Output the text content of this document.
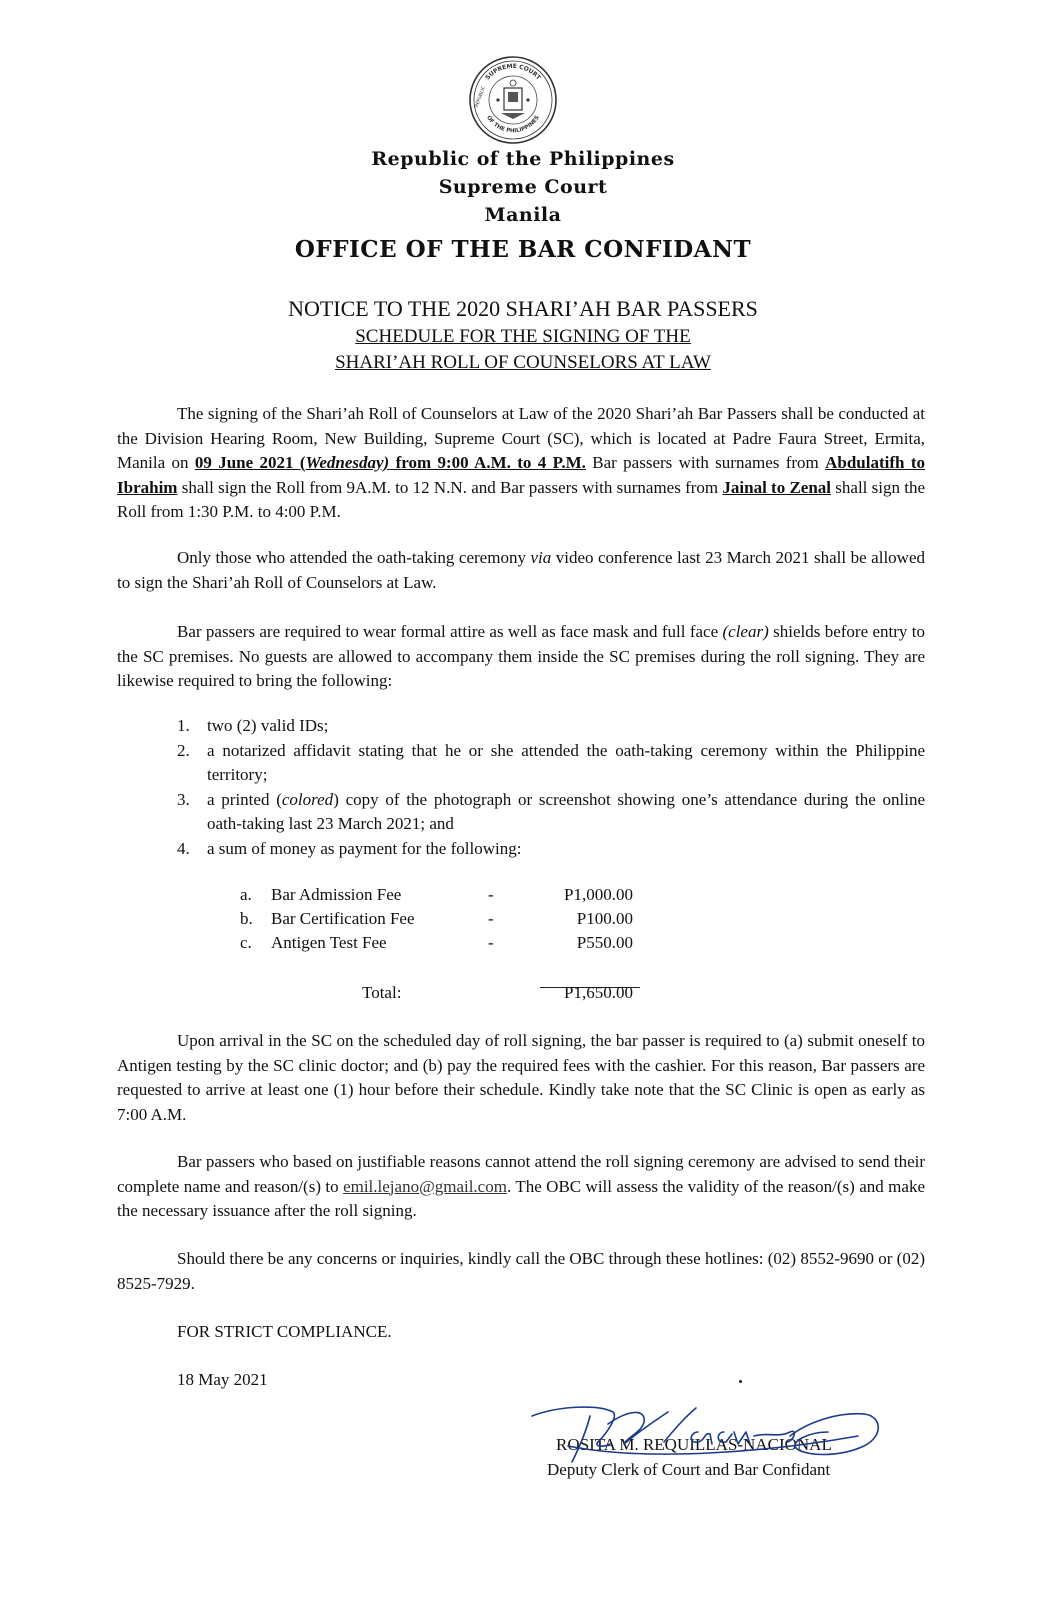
SUPREME COURT
OF THE PHILIPPINES
REPUBLIC
Republic of the Philippines
Supreme Court
Manila
OFFICE OF THE BAR CONFIDANT
NOTICE TO THE 2020 SHARI’AH BAR PASSERS
SCHEDULE FOR THE SIGNING OF THE
SHARI’AH ROLL OF COUNSELORS AT LAW

The signing of the Shari’ah Roll of Counselors at Law of the 2020 Shari’ah Bar Passers shall be conducted at the Division Hearing Room, New Building, Supreme Court (SC), which is located at Padre Faura Street, Ermita, Manila on 09 June 2021 (Wednesday) from 9:00 A.M. to 4 P.M. Bar passers with surnames from Abdulatifh to Ibrahim shall sign the Roll from 9A.M. to 12 N.N. and Bar passers with surnames from Jainal to Zenal shall sign the Roll from 1:30 P.M. to 4:00 P.M.

Only those who attended the oath-taking ceremony via video conference last 23 March 2021 shall be allowed to sign the Shari’ah Roll of Counselors at Law.

Bar passers are required to wear formal attire as well as face mask and full face (clear) shields before entry to the SC premises. No guests are allowed to accompany them inside the SC premises during the roll signing. They are likewise required to bring the following:

1. two (2) valid IDs;
2. a notarized affidavit stating that he or she attended the oath-taking ceremony within the Philippine territory;
3. a printed (colored) copy of the photograph or screenshot showing one’s attendance during the online oath-taking last 23 March 2021; and
4. a sum of money as payment for the following:
a. Bar Admission Fee	-	P1,000.00
b. Bar Certification Fee	-	P100.00
c. Antigen Test Fee	-	P550.00
Total:	P1,650.00

Upon arrival in the SC on the scheduled day of roll signing, the bar passer is required to (a) submit oneself to Antigen testing by the SC clinic doctor; and (b) pay the required fees with the cashier. For this reason, Bar passers are requested to arrive at least one (1) hour before their schedule. Kindly take note that the SC Clinic is open as early as 7:00 A.M.

Bar passers who based on justifiable reasons cannot attend the roll signing ceremony are advised to send their complete name and reason/(s) to emil.lejano@gmail.com. The OBC will assess the validity of the reason/(s) and make the necessary issuance after the roll signing.

Should there be any concerns or inquiries, kindly call the OBC through these hotlines: (02) 8552-9690 or (02) 8525-7929.

FOR STRICT COMPLIANCE.
18 May 2021
ROSITA M. REQUILLAS-NACIONAL
Deputy Clerk of Court and Bar Confidant
